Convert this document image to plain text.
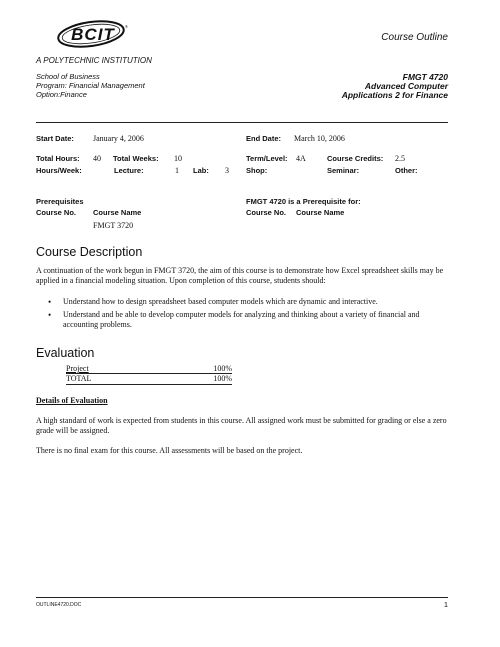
BCIT	®
A POLYTECHNIC INSTITUTION
School of Business
Program: Financial Management
Option:Finance
Course Outline
FMGT 4720
Advanced Computer
Applications 2 for Finance
Start Date: January 4, 2006	End Date: March 10, 2006
Total Hours: 40 Total Weeks: 10	Term/Level: 4A	Course Credits: 2.5
Hours/Week:	Lecture:	1 Lab: 3 Shop:	Seminar:	Other:
Prerequisites
Course No. Course Name
FMGT 3720
FMGT 4720 is a Prerequisite for:
Course No. Course Name
Course Description
A continuation of the work begun in FMGT 3720, the aim of this course is to demonstrate how Excel spreadsheet skills may be applied in a financial modeling situation. Upon completion of this course, students should:
• Understand how to design spreadsheet based computer models which are dynamic and interactive.
• Understand and be able to develop computer models for analyzing and thinking about a variety of financial and accounting problems.
Evaluation
Project	100%
TOTAL	100%
Details of Evaluation
A high standard of work is expected from students in this course. All assigned work must be submitted for grading or else a zero grade will be assigned.
There is no final exam for this course. All assessments will be based on the project.
OUTLINE4720.DOC	1
